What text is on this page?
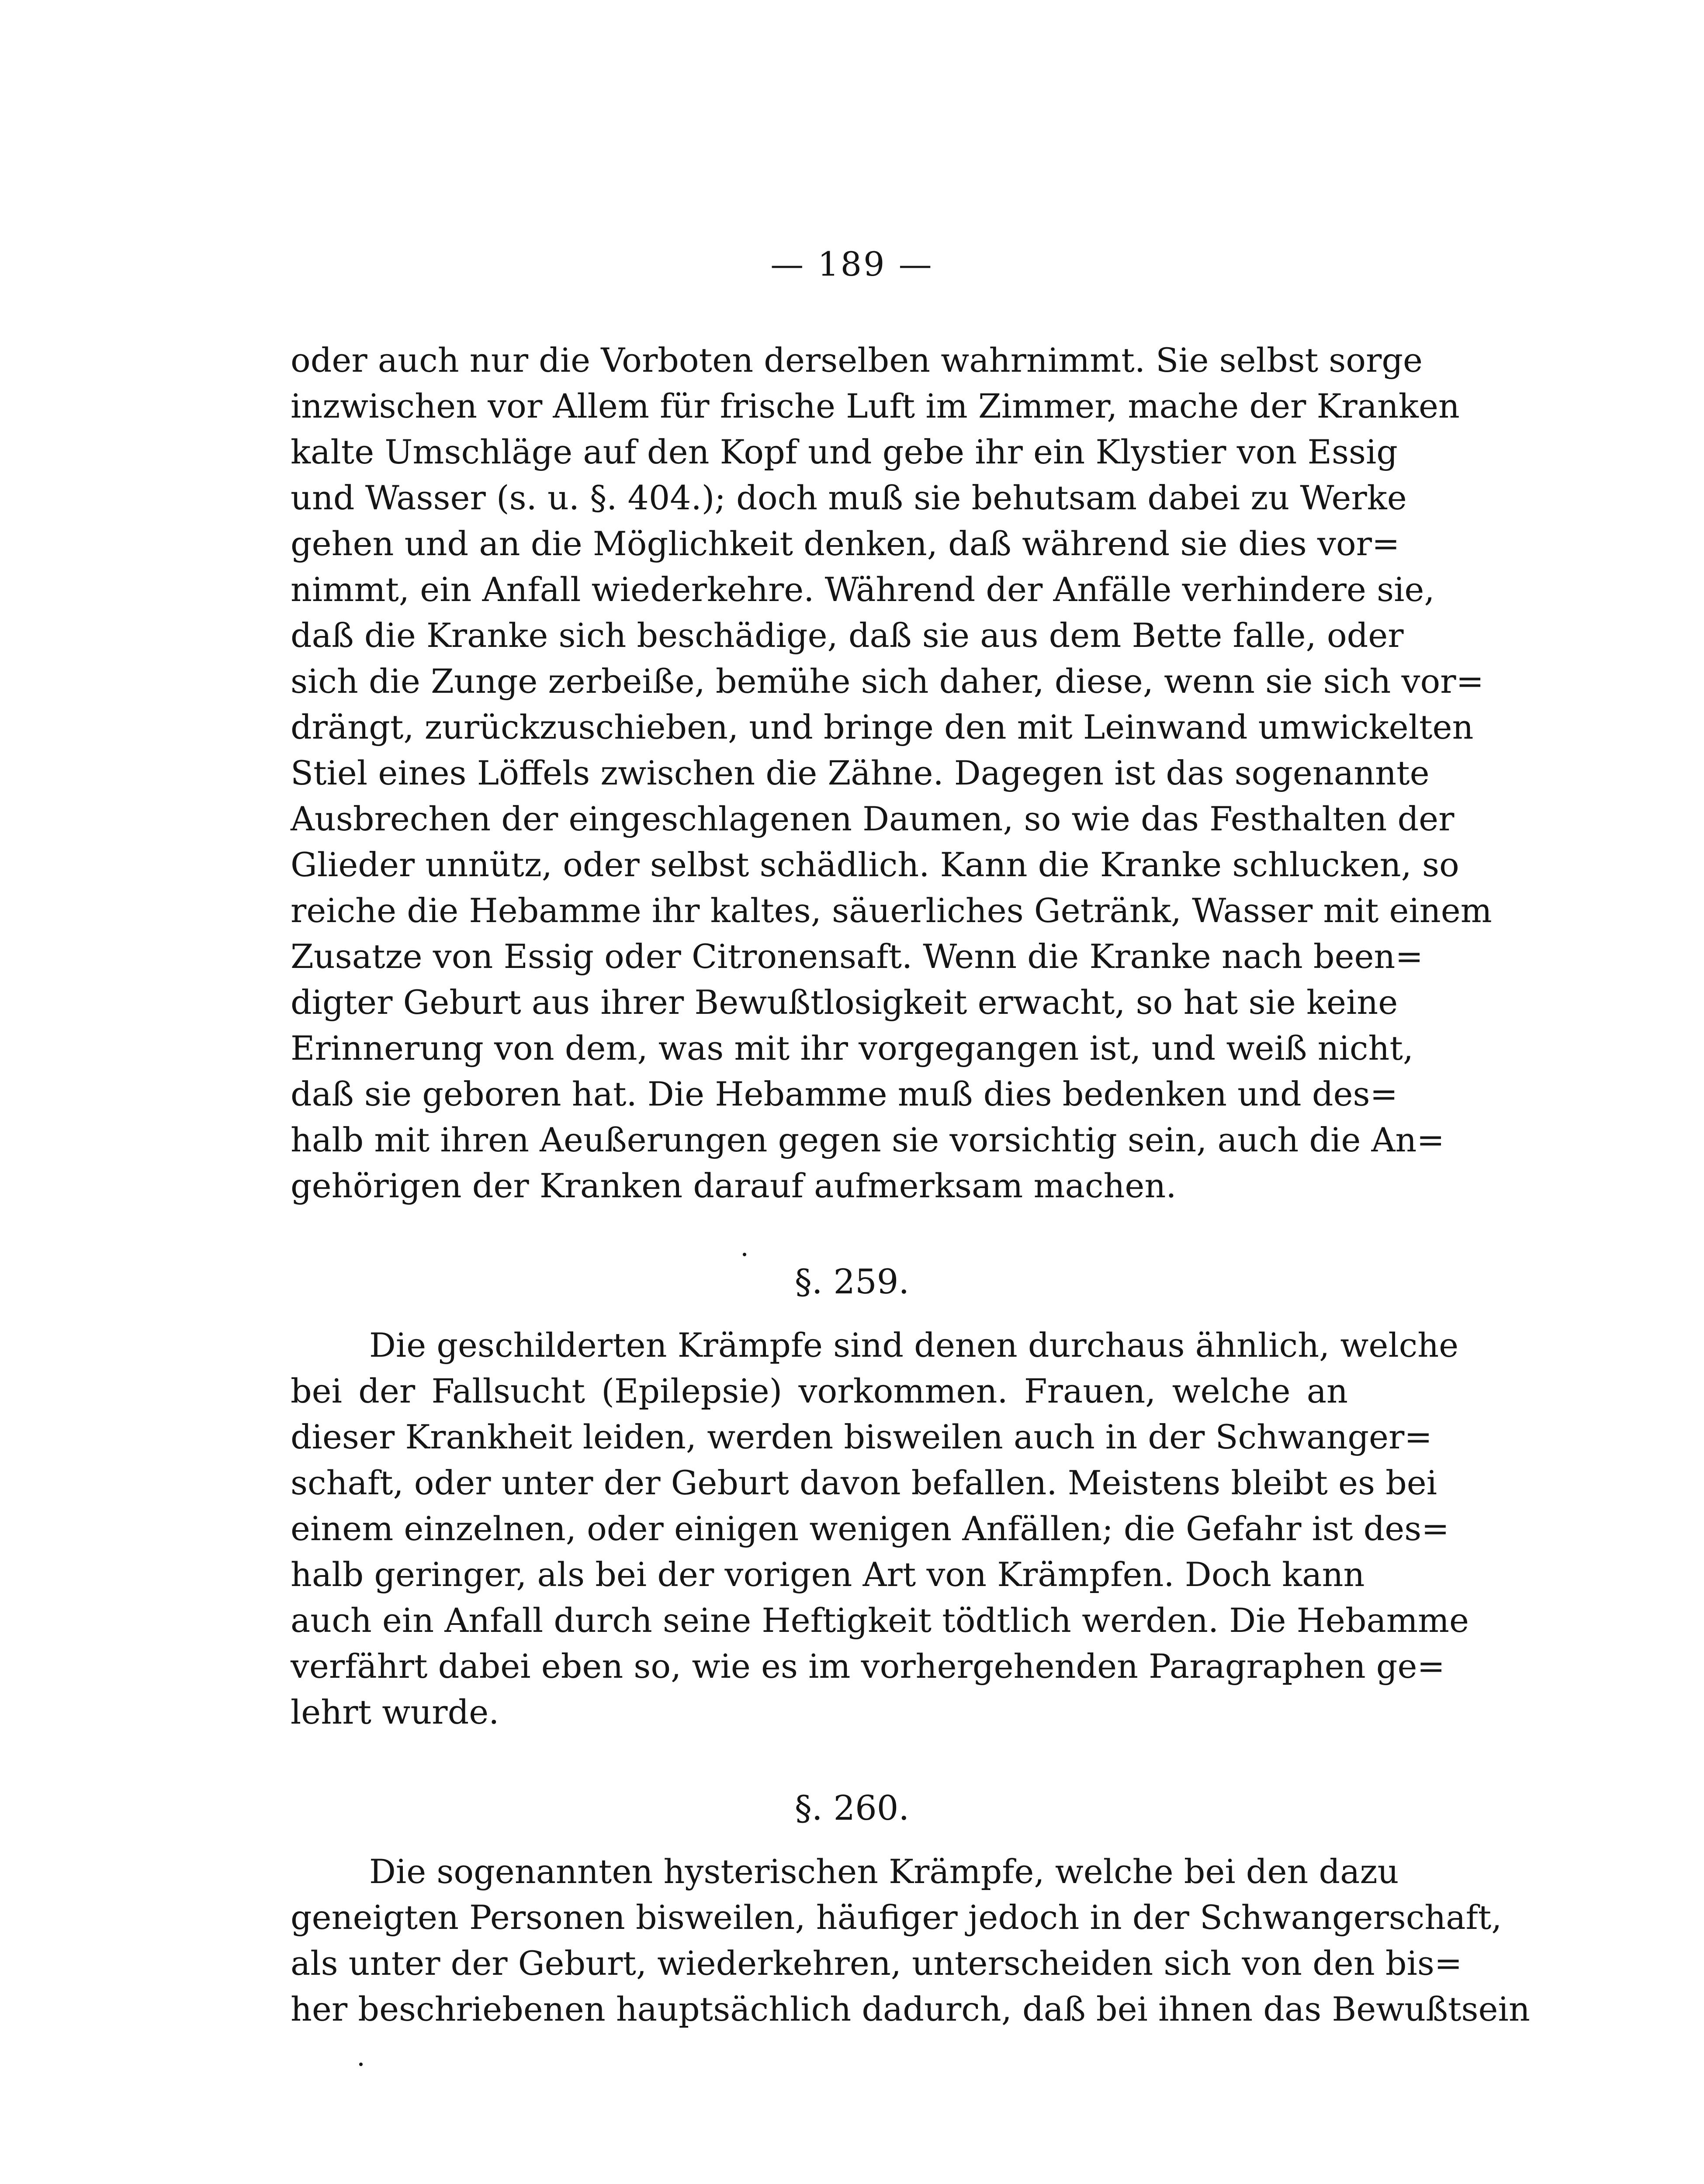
— 189 —
oder auch nur die Vorboten derselben wahrnimmt. Sie selbst sorge
inzwischen vor Allem für frische Luft im Zimmer, mache der Kranken
kalte Umschläge auf den Kopf und gebe ihr ein Klystier von Essig
und Wasser (s. u. §. 404.); doch muß sie behutsam dabei zu Werke
gehen und an die Möglichkeit denken, daß während sie dies vor=
nimmt, ein Anfall wiederkehre. Während der Anfälle verhindere sie,
daß die Kranke sich beschädige, daß sie aus dem Bette falle, oder
sich die Zunge zerbeiße, bemühe sich daher, diese, wenn sie sich vor=
drängt, zurückzuschieben, und bringe den mit Leinwand umwickelten
Stiel eines Löffels zwischen die Zähne. Dagegen ist das sogenannte
Ausbrechen der eingeschlagenen Daumen, so wie das Festhalten der
Glieder unnütz, oder selbst schädlich. Kann die Kranke schlucken, so
reiche die Hebamme ihr kaltes, säuerliches Getränk, Wasser mit einem
Zusatze von Essig oder Citronensaft. Wenn die Kranke nach been=
digter Geburt aus ihrer Bewußtlosigkeit erwacht, so hat sie keine
Erinnerung von dem, was mit ihr vorgegangen ist, und weiß nicht,
daß sie geboren hat. Die Hebamme muß dies bedenken und des=
halb mit ihren Aeußerungen gegen sie vorsichtig sein, auch die An=
gehörigen der Kranken darauf aufmerksam machen.
§. 259.
Die geschilderten Krämpfe sind denen durchaus ähnlich, welche
bei der Fallsucht (Epilepsie) vorkommen. Frauen, welche an
dieser Krankheit leiden, werden bisweilen auch in der Schwanger=
schaft, oder unter der Geburt davon befallen. Meistens bleibt es bei
einem einzelnen, oder einigen wenigen Anfällen; die Gefahr ist des=
halb geringer, als bei der vorigen Art von Krämpfen. Doch kann
auch ein Anfall durch seine Heftigkeit tödtlich werden. Die Hebamme
verfährt dabei eben so, wie es im vorhergehenden Paragraphen ge=
lehrt wurde.
§. 260.
Die sogenannten hysterischen Krämpfe, welche bei den dazu
geneigten Personen bisweilen, häufiger jedoch in der Schwangerschaft,
als unter der Geburt, wiederkehren, unterscheiden sich von den bis=
her beschriebenen hauptsächlich dadurch, daß bei ihnen das Bewußtsein
